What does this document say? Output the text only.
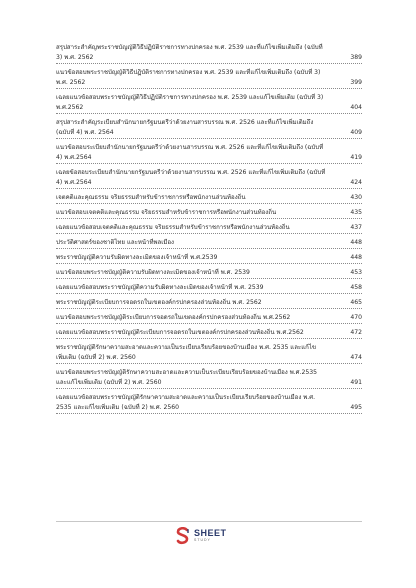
สรุปสาระสำคัญพระราชบัญญัติวิธีปฏิบัติราชการทางปกครอง พ.ศ. 2539 และที่แก้ไขเพิ่มเติมถึง (ฉบับที่
3) พ.ศ. 2562	389
แนวข้อสอบพระราชบัญญัติวิธีปฏิบัติราชการทางปกครอง พ.ศ. 2539 และที่แก้ไขเพิ่มเติมถึง (ฉบับที่ 3)
พ.ศ. 2562	399
เฉลยแนวข้อสอบพระราชบัญญัติวิธีปฏิบัติราชการทางปกครอง พ.ศ. 2539 และแก้ไขเพิ่มเติม (ฉบับที่ 3)
พ.ศ.2562	404
สรุปสาระสำคัญระเบียบสำนักนายกรัฐมนตรีว่าด้วยงานสารบรรณ พ.ศ. 2526 และที่แก้ไขเพิ่มเติมถึง
(ฉบับที่ 4) พ.ศ. 2564	409
แนวข้อสอบระเบียบสำนักนายกรัฐมนตรีว่าด้วยงานสารบรรณ พ.ศ. 2526 และที่แก้ไขเพิ่มเติมถึง (ฉบับที่
4) พ.ศ.2564	419
เฉลยข้อสอบระเบียบสำนักนายกรัฐมนตรีว่าด้วยงานสารบรรณ พ.ศ. 2526 และที่แก้ไขเพิ่มเติมถึง (ฉบับที่
4) พ.ศ.2564	424
เจตคติและคุณธรรม จริยธรรมสำหรับข้าราชการหรือพนักงานส่วนท้องถิ่น	430
แนวข้อสอบเจตคติและคุณธรรม จริยธรรมสำหรับข้าราชการหรือพนักงานส่วนท้องถิ่น	435
เฉลยแนวข้อสอบเจตคติและคุณธรรม จริยธรรมสำหรับข้าราชการหรือพนักงานส่วนท้องถิ่น	437
ประวัติศาสตร์ของชาติไทย และหน้าที่พลเมือง	448
พระราชบัญญัติความรับผิดทางละเมิดของเจ้าหน้าที่ พ.ศ.2539	448
แนวข้อสอบพระราชบัญญัติความรับผิดทางละเมิดของเจ้าหน้าที่ พ.ศ. 2539	453
เฉลยแนวข้อสอบพระราชบัญญัติความรับผิดทางละเมิดของเจ้าหน้าที่ พ.ศ. 2539	458
พระราชบัญญัติระเบียบการจอดรถในเขตองค์กรปกครองส่วนท้องถิ่น พ.ศ. 2562	465
แนวข้อสอบพระราชบัญญัติระเบียบการจอดรถในเขตองค์กรปกครองส่วนท้องถิ่น พ.ศ.2562	470
เฉลยแนวข้อสอบพระราชบัญญัติระเบียบการจอดรถในเขตองค์กรปกครองส่วนท้องถิ่น พ.ศ.2562	472
พระราชบัญญัติรักษาความสะอาดและความเป็นระเบียบเรียบร้อยของบ้านเมือง พ.ศ. 2535 และแก้ไข
เพิ่มเติม (ฉบับที่ 2) พ.ศ. 2560	474
แนวข้อสอบพระราชบัญญัติรักษาความสะอาดและความเป็นระเบียบเรียบร้อยของบ้านเมือง พ.ศ.2535
และแก้ไขเพิ่มเติม (ฉบับที่ 2) พ.ศ. 2560	491
เฉลยแนวข้อสอบพระราชบัญญัติรักษาความสะอาดและความเป็นระเบียบเรียบร้อยของบ้านเมือง พ.ศ.
2535 และแก้ไขเพิ่มเติม (ฉบับที่ 2) พ.ศ. 2560	495
SHEET
STUDY
